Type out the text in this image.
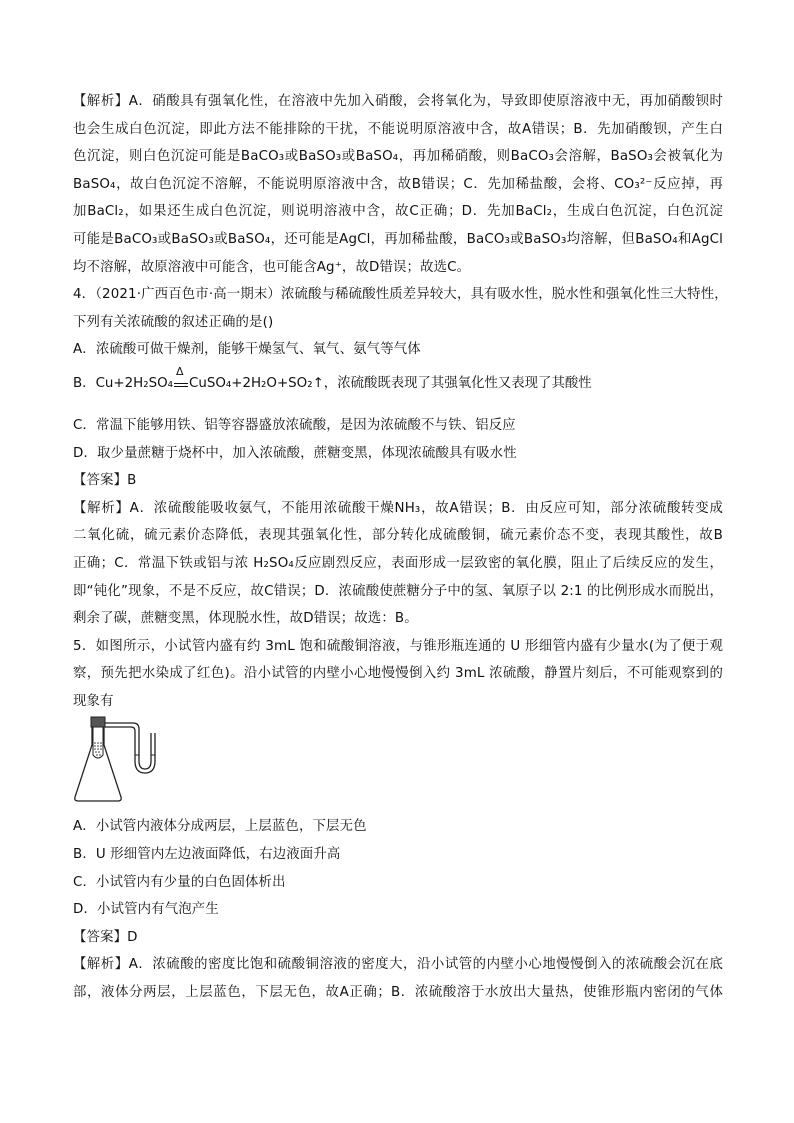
【解析】A．硝酸具有强氧化性，在溶液中先加入硝酸，会将氧化为，导致即使原溶液中无，再加硝酸钡时
也会生成白色沉淀，即此方法不能排除的干扰，不能说明原溶液中含，故A错误；B．先加硝酸钡，产生白
色沉淀，则白色沉淀可能是BaCO₃或BaSO₃或BaSO₄，再加稀硝酸，则BaCO₃会溶解，BaSO₃会被氧化为
BaSO₄，故白色沉淀不溶解，不能说明原溶液中含，故B错误；C．先加稀盐酸，会将、CO₃²⁻反应掉，再
加BaCl₂，如果还生成白色沉淀，则说明溶液中含，故C正确；D．先加BaCl₂，生成白色沉淀，白色沉淀
可能是BaCO₃或BaSO₃或BaSO₄，还可能是AgCl，再加稀盐酸，BaCO₃或BaSO₃均溶解，但BaSO₄和AgCl
均不溶解，故原溶液中可能含，也可能含Ag⁺，故D错误；故选C。
4．（2021·广西百色市·高一期末）浓硫酸与稀硫酸性质差异较大，具有吸水性，脱水性和强氧化性三大特性，
下列有关浓硫酸的叙述正确的是()
A．浓硫酸可做干燥剂，能够干燥氢气、氧气、氨气等气体
B．Cu+2H₂SO₄
Δ
CuSO₄+2H₂O+SO₂↑，浓硫酸既表现了其强氧化性又表现了其酸性
C．常温下能够用铁、铝等容器盛放浓硫酸，是因为浓硫酸不与铁、铝反应
D．取少量蔗糖于烧杯中，加入浓硫酸，蔗糖变黑，体现浓硫酸具有吸水性
【答案】B
【解析】A．浓硫酸能吸收氨气，不能用浓硫酸干燥NH₃，故A错误；B．由反应可知，部分浓硫酸转变成
二氧化硫，硫元素价态降低，表现其强氧化性，部分转化成硫酸铜，硫元素价态不变，表现其酸性，故B
正确；C．常温下铁或铝与浓 H₂SO₄反应剧烈反应，表面形成一层致密的氧化膜，阻止了后续反应的发生，
即“钝化”现象，不是不反应，故C错误；D．浓硫酸使蔗糖分子中的氢、氧原子以 2:1 的比例形成水而脱出，
剩余了碳，蔗糖变黑，体现脱水性，故D错误；故选：B。
5．如图所示，小试管内盛有约 3mL 饱和硫酸铜溶液，与锥形瓶连通的 U 形细管内盛有少量水(为了便于观
察，预先把水染成了红色)。沿小试管的内壁小心地慢慢倒入约 3mL 浓硫酸，静置片刻后，不可能观察到的
现象有
A．小试管内液体分成两层，上层蓝色，下层无色
B．U 形细管内左边液面降低，右边液面升高
C．小试管内有少量的白色固体析出
D．小试管内有气泡产生
【答案】D
【解析】A．浓硫酸的密度比饱和硫酸铜溶液的密度大，沿小试管的内壁小心地慢慢倒入的浓硫酸会沉在底
部，液体分两层，上层蓝色，下层无色，故A正确；B．浓硫酸溶于水放出大量热，使锥形瓶内密闭的气体
